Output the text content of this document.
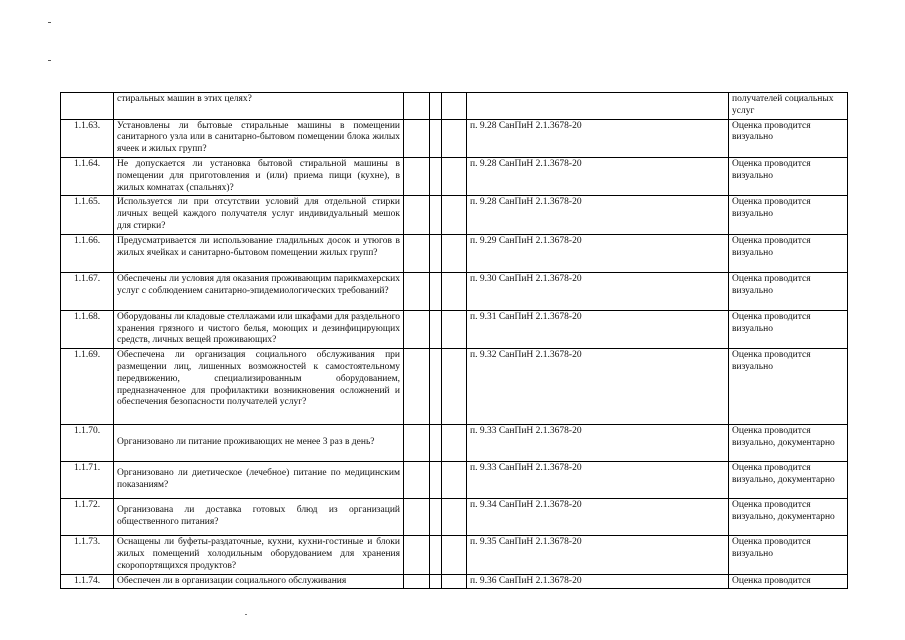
	стиральных машин в этих целях?					получателей социальных услуг
1.1.63.	Установлены ли бытовые стиральные машины в помещении санитарного узла или в санитарно-бытовом помещении блока жилых ячеек и жилых групп?				п. 9.28 СанПиН 2.1.3678-20	Оценка проводится визуально
1.1.64.	Не допускается ли установка бытовой стиральной машины в помещении для приготовления и (или) приема пищи (кухне), в жилых комнатах (спальнях)?				п. 9.28 СанПиН 2.1.3678-20	Оценка проводится визуально
1.1.65.	Используется ли при отсутствии условий для отдельной стирки личных вещей каждого получателя услуг индивидуальный мешок для стирки?				п. 9.28 СанПиН 2.1.3678-20	Оценка проводится визуально
1.1.66.	Предусматривается ли использование гладильных досок и утюгов в жилых ячейках и санитарно-бытовом помещении жилых групп?				п. 9.29 СанПиН 2.1.3678-20	Оценка проводится визуально
1.1.67.	Обеспечены ли условия для оказания проживающим парикмахерских услуг с соблюдением санитарно-эпидемиологических требований?				п. 9.30 СанПиН 2.1.3678-20	Оценка проводится визуально
1.1.68.	Оборудованы ли кладовые стеллажами или шкафами для раздельного хранения грязного и чистого белья, моющих и дезинфицирующих средств, личных вещей проживающих?				п. 9.31 СанПиН 2.1.3678-20	Оценка проводится визуально
1.1.69.	Обеспечена ли организация социального обслуживания при размещении лиц, лишенных возможностей к самостоятельному передвижению, специализированным оборудованием, предназначенное для профилактики возникновения осложнений и обеспечения безопасности получателей услуг?				п. 9.32 СанПиН 2.1.3678-20	Оценка проводится визуально
1.1.70.	Организовано ли питание проживающих не менее 3 раз в день?				п. 9.33 СанПиН 2.1.3678-20	Оценка проводится визуально, документарно
1.1.71.	Организовано ли диетическое (лечебное) питание по медицинским показаниям?				п. 9.33 СанПиН 2.1.3678-20	Оценка проводится визуально, документарно
1.1.72.	Организована ли доставка готовых блюд из организаций общественного питания?				п. 9.34 СанПиН 2.1.3678-20	Оценка проводится визуально, документарно
1.1.73.	Оснащены ли буфеты-раздаточные, кухни, кухни-гостиные и блоки жилых помещений холодильным оборудованием для хранения скоропортящихся продуктов?				п. 9.35 СанПиН 2.1.3678-20	Оценка проводится визуально
1.1.74.	Обеспечен ли в организации социального обслуживания				п. 9.36 СанПиН 2.1.3678-20	Оценка проводится
